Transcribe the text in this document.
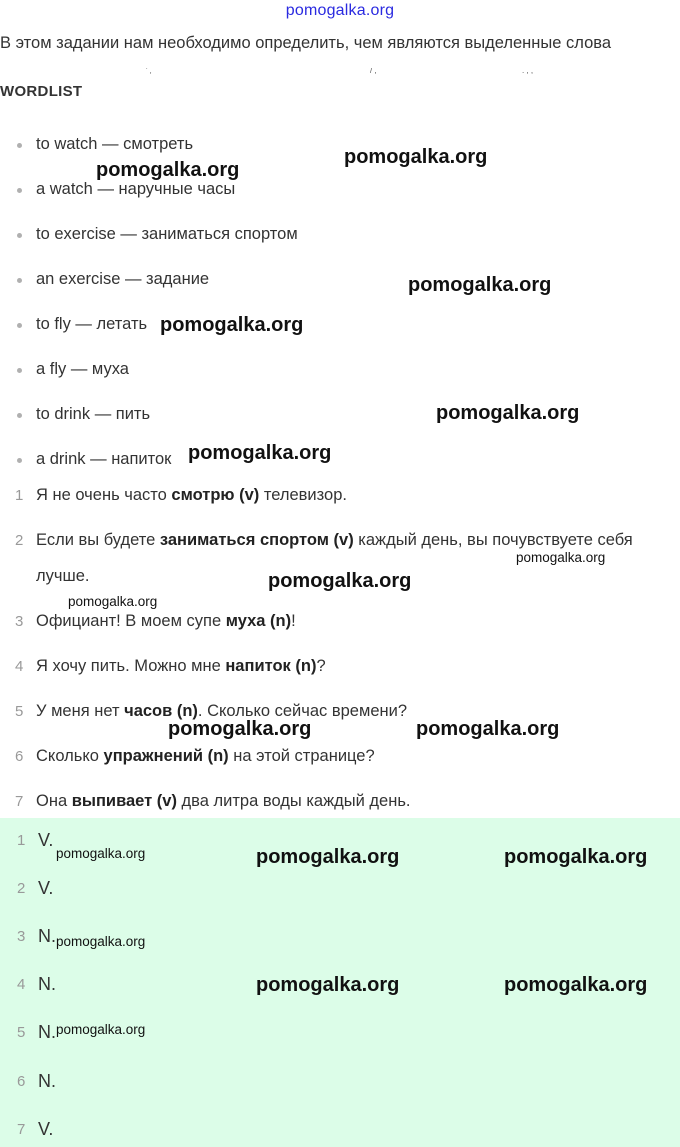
pomogalka.org
В этом задании нам необходимо определить, чем являются выделенные слова
' ‚	/ ,	. , ,
WORDLIST
to watch — смотреть
a watch — наручные часы
to exercise — заниматься спортом
an exercise — задание
to fly — летать
a fly — муха
to drink — пить
a drink — напиток
1 Я не очень часто смотрю (v) телевизор.
2 Если вы будете заниматься спортом (v) каждый день, вы почувствуете себя лучше.
3 Официант! В моем супе муха (n)!
4 Я хочу пить. Можно мне напиток (n)?
5 У меня нет часов (n). Сколько сейчас времени?
6 Сколько упражнений (n) на этой странице?
7 Она выпивает (v) два литра воды каждый день.
1 V.
2 V.
3 N.
4 N.
5 N.
6 N.
7 V.
pomogalka.org
pomogalka.org
pomogalka.org
pomogalka.org
pomogalka.org
pomogalka.org
pomogalka.org
pomogalka.org
pomogalka.org
pomogalka.org	pomogalka.org
pomogalka.org	pomogalka.org	pomogalka.org
pomogalka.org
pomogalka.org	pomogalka.org
pomogalka.org
